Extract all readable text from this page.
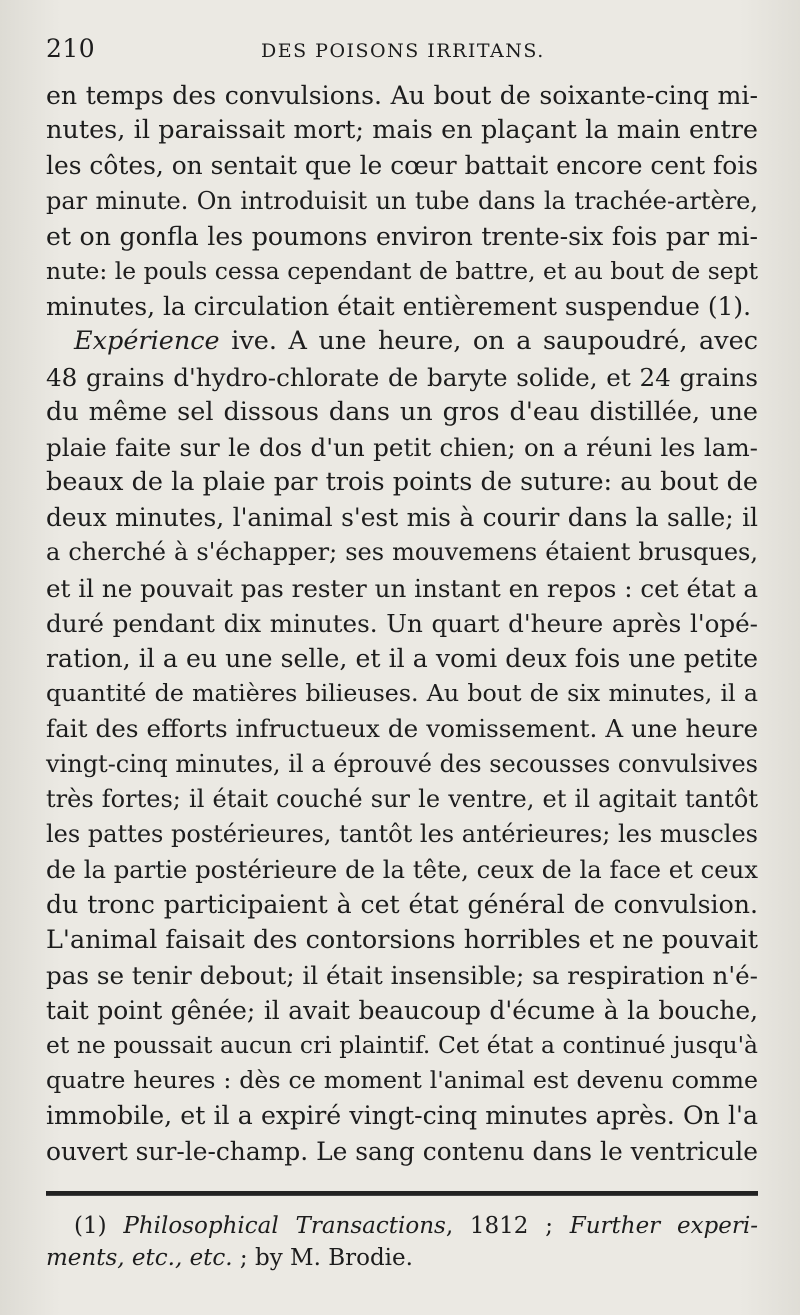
210	DES POISONS IRRITANS.
en temps des convulsions. Au bout de soixante-cinq mi-
nutes, il paraissait mort; mais en plaçant la main entre
les côtes, on sentait que le cœur battait encore cent fois
par minute. On introduisit un tube dans la trachée-artère,
et on gonfla les poumons environ trente-six fois par mi-
nute: le pouls cessa cependant de battre, et au bout de sept
minutes, la circulation était entièrement suspendue (1).
Expérience ive. A une heure, on a saupoudré, avec
48 grains d'hydro-chlorate de baryte solide, et 24 grains
du même sel dissous dans un gros d'eau distillée, une
plaie faite sur le dos d'un petit chien; on a réuni les lam-
beaux de la plaie par trois points de suture: au bout de
deux minutes, l'animal s'est mis à courir dans la salle; il
a cherché à s'échapper; ses mouvemens étaient brusques,
et il ne pouvait pas rester un instant en repos : cet état a
duré pendant dix minutes. Un quart d'heure après l'opé-
ration, il a eu une selle, et il a vomi deux fois une petite
quantité de matières bilieuses. Au bout de six minutes, il a
fait des efforts infructueux de vomissement. A une heure
vingt-cinq minutes, il a éprouvé des secousses convulsives
très fortes; il était couché sur le ventre, et il agitait tantôt
les pattes postérieures, tantôt les antérieures; les muscles
de la partie postérieure de la tête, ceux de la face et ceux
du tronc participaient à cet état général de convulsion.
L'animal faisait des contorsions horribles et ne pouvait
pas se tenir debout; il était insensible; sa respiration n'é-
tait point gênée; il avait beaucoup d'écume à la bouche,
et ne poussait aucun cri plaintif. Cet état a continué jusqu'à
quatre heures : dès ce moment l'animal est devenu comme
immobile, et il a expiré vingt-cinq minutes après. On l'a
ouvert sur-le-champ. Le sang contenu dans le ventricule
(1) Philosophical Transactions, 1812 ; Further experi-
ments, etc., etc. ; by M. Brodie.
